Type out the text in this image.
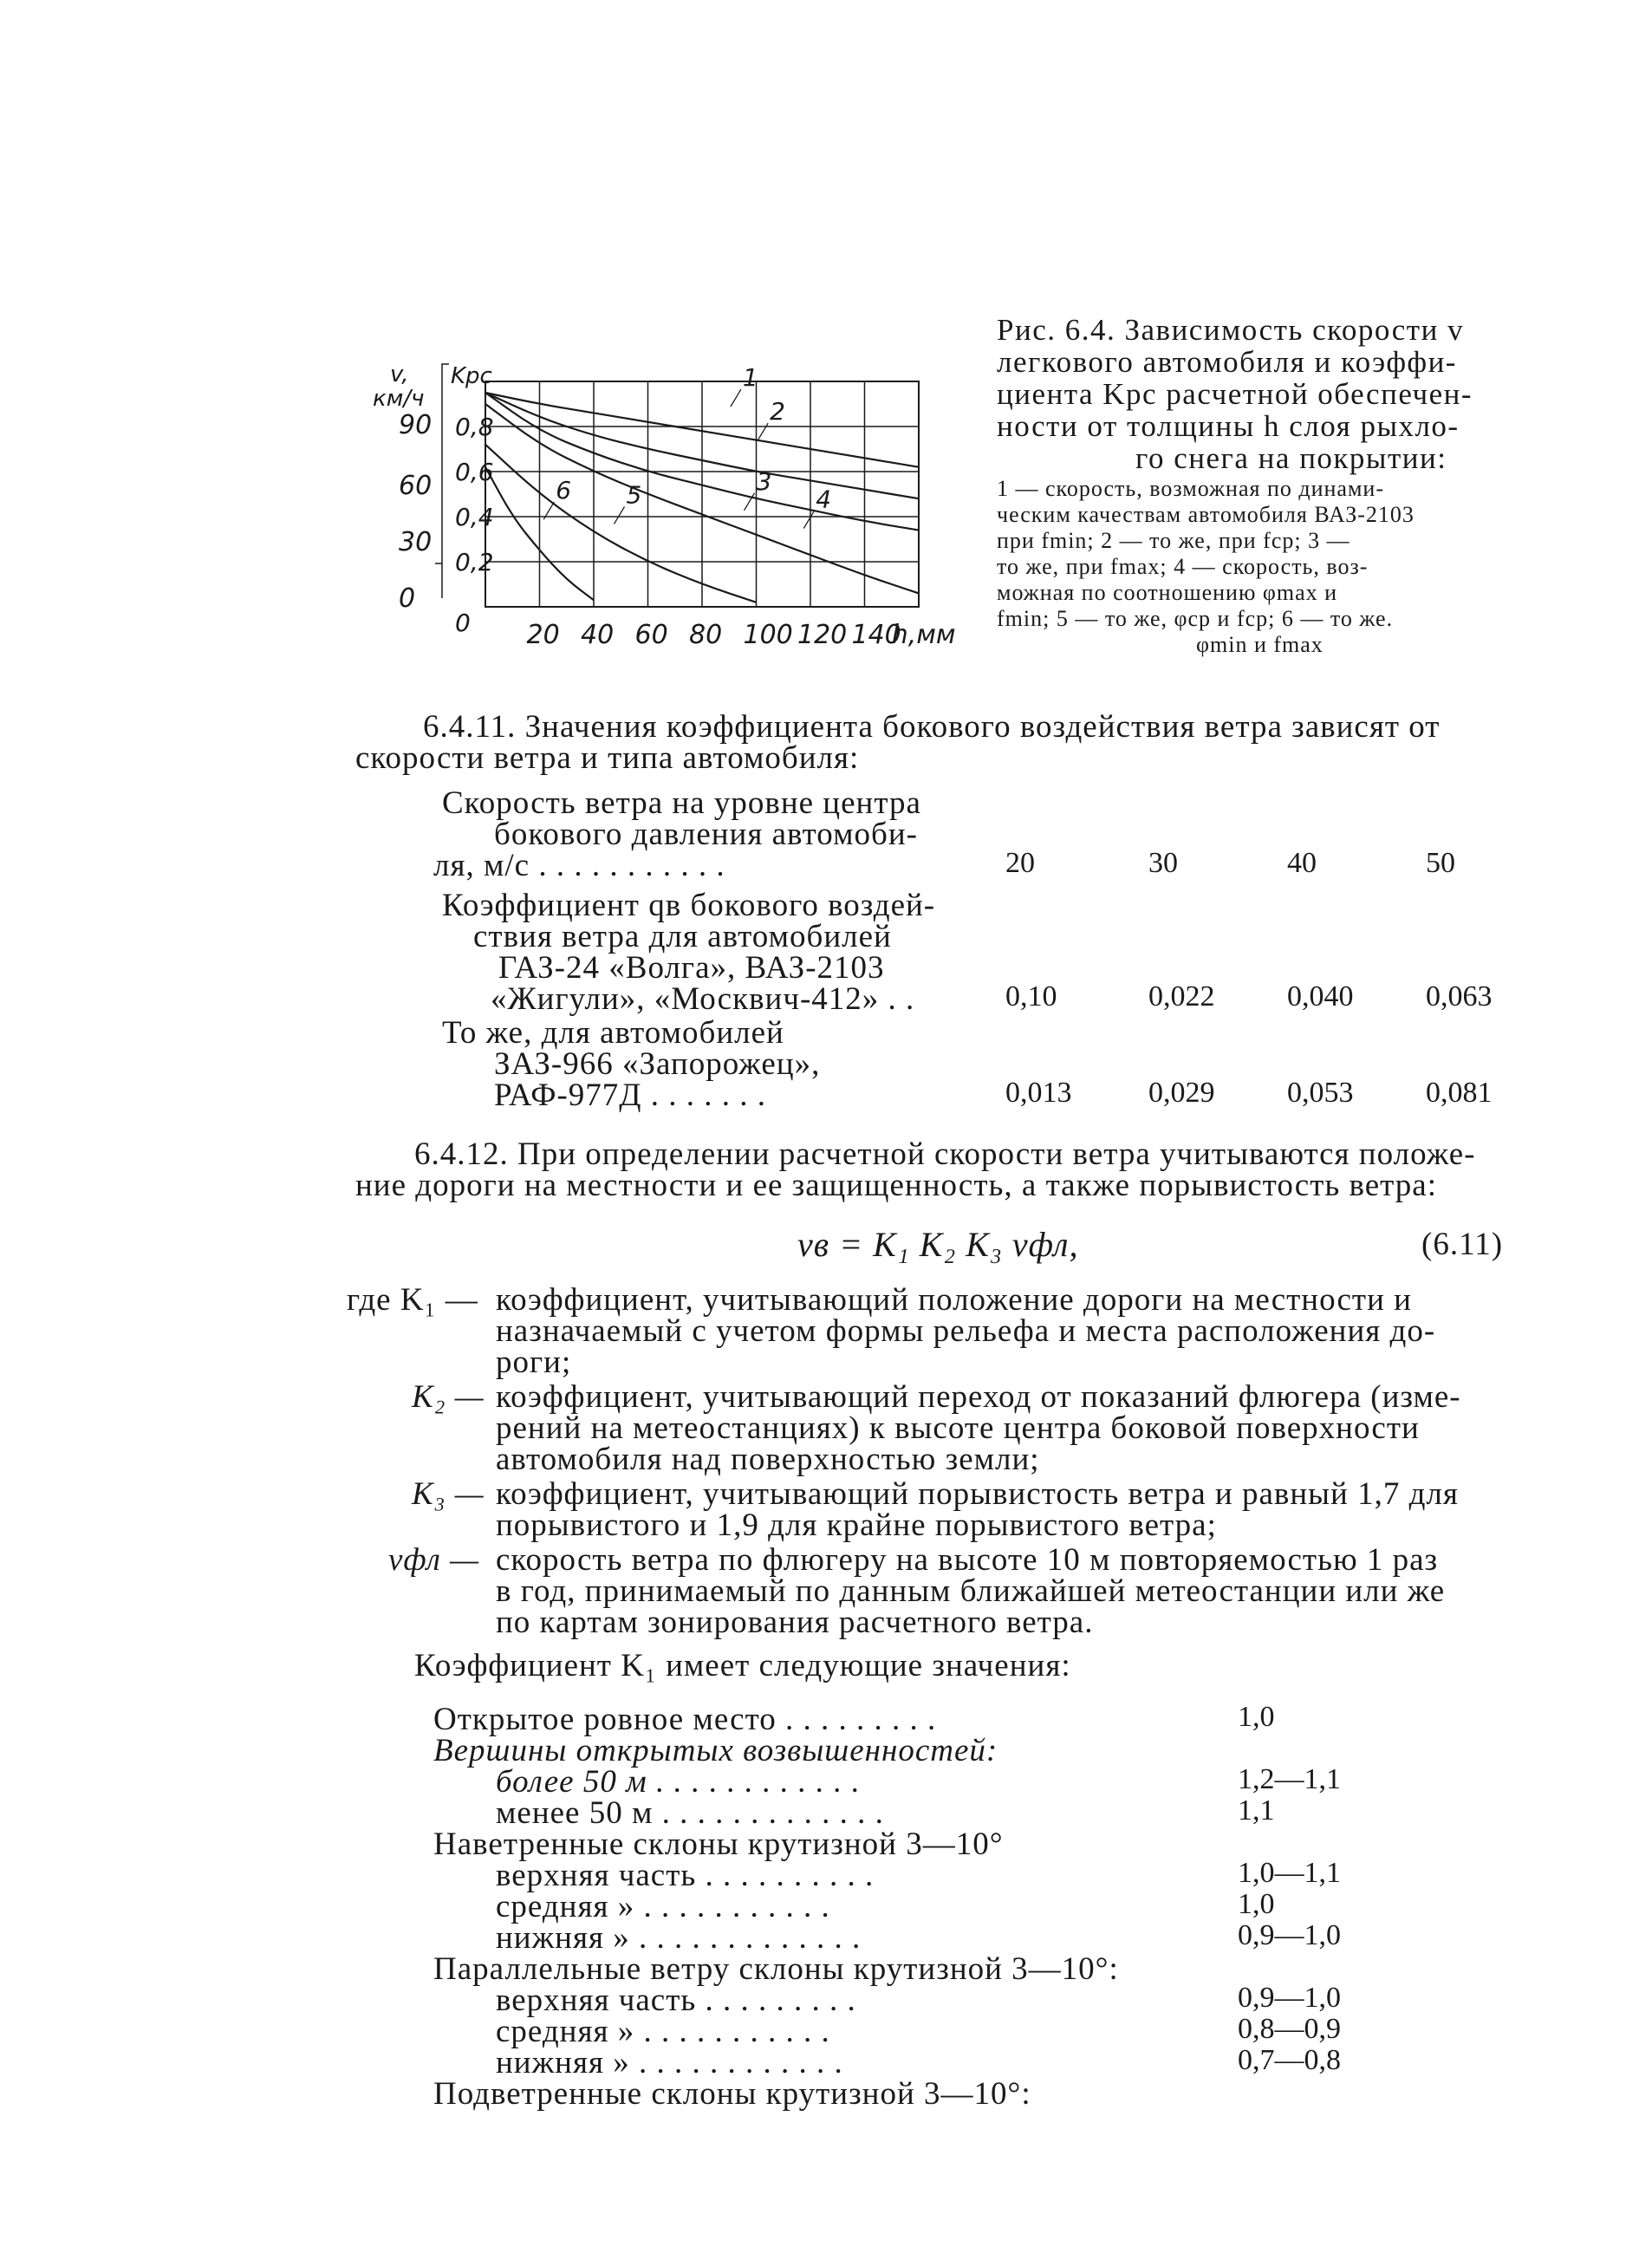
v,
км/ч
90
60
30
0
Kрс
0,8
0,6
0,4
0,2
0 20 40 60 80 100 120 140
h,мм
1
2
3
4
5
6
Рис. 6.4. Зависимость скорости v
легкового автомобиля и коэффи-
циента Kрс расчетной обеспечен-
ности от толщины h слоя рыхло-
го снега на покрытии:
1 — скорость, возможная по динами-
ческим качествам автомобиля ВАЗ-2103
при fmin; 2 — то же, при fср; 3 —
то же, при fmax; 4 — скорость, воз-
можная по соотношению φmax и
fmin; 5 — то же, φср и fср; 6 — то же.
φmin и fmax
6.4.11. Значения коэффициента бокового воздействия ветра зависят от
скорости ветра и типа автомобиля:
Скорость ветра на уровне центра
бокового давления автомоби-
ля, м/с . . . . . . . . . . .	20	30	40	50
Коэффициент qв бокового воздей-
ствия ветра для автомобилей
ГАЗ-24 «Волга», ВАЗ-2103
«Жигули», «Москвич-412» . .	0,10	0,022 0,040 0,063
То же, для автомобилей
ЗАЗ-966 «Запорожец»,
РАФ-977Д . . . . . . .	0,013	0,029 0,053 0,081
6.4.12. При определении расчетной скорости ветра учитываются положе-
ние дороги на местности и ее защищенность, а также порывистость ветра:
vв = K₁ K₂ K₃ vфл,	(6.11)
где K₁ — коэффициент, учитывающий положение дороги на местности и
назначаемый с учетом формы рельефа и места расположения до-
роги;
K₂ — коэффициент, учитывающий переход от показаний флюгера (изме-
рений на метеостанциях) к высоте центра боковой поверхности
автомобиля над поверхностью земли;
K₃ — коэффициент, учитывающий порывистость ветра и равный 1,7 для
порывистого и 1,9 для крайне порывистого ветра;
vфл — скорость ветра по флюгеру на высоте 10 м повторяемостью 1 раз
в год, принимаемый по данным ближайшей метеостанции или же
по картам зонирования расчетного ветра.
Коэффициент K₁ имеет следующие значения:
Открытое ровное место . . . . . . . . .	1,0
Вершины открытых возвышенностей:
более 50 м . . . . . . . . . . . .	1,2—1,1
менее 50 м . . . . . . . . . . . . .	1,1
Наветренные склоны крутизной 3—10°
верхняя часть . . . . . . . . . .	1,0—1,1
средняя » . . . . . . . . . . .	1,0
нижняя » . . . . . . . . . . . . .	0,9—1,0
Параллельные ветру склоны крутизной 3—10°:
верхняя часть . . . . . . . . .	0,9—1,0
средняя » . . . . . . . . . . .	0,8—0,9
нижняя » . . . . . . . . . . . .	0,7—0,8
Подветренные склоны крутизной 3—10°:
